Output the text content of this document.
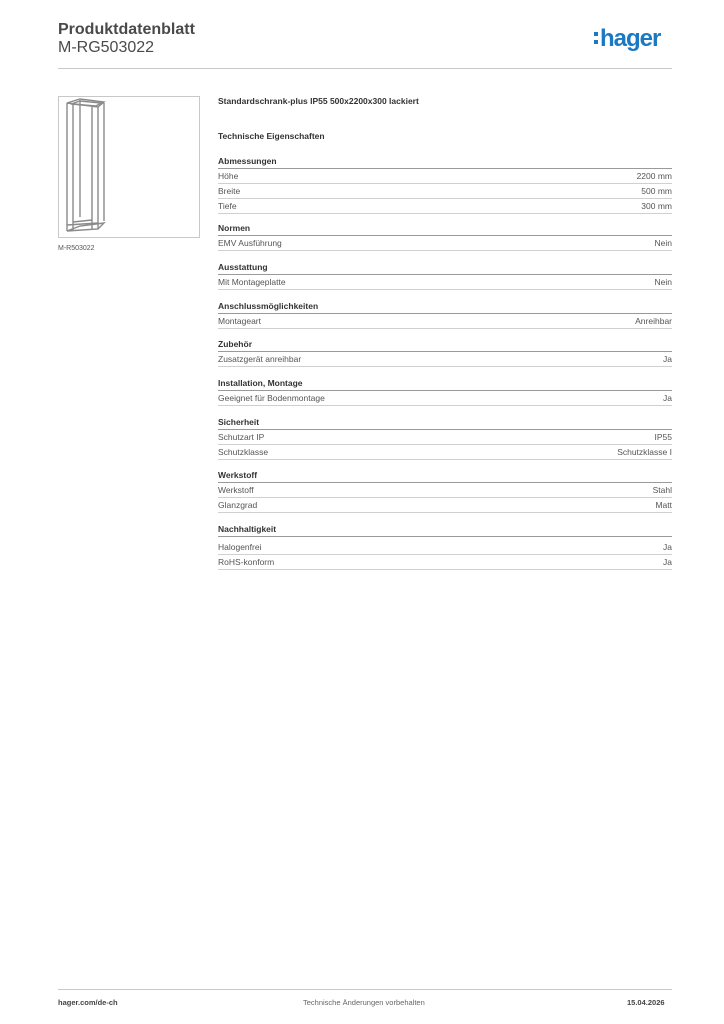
Produktdatenblatt
M-RG503022	hager
M-R503022
Standardschrank-plus IP55 500x2200x300 lackiert
Technische Eigenschaften
Abmessungen
Höhe	2200 mm
Breite	500 mm
Tiefe	300 mm
Normen
EMV Ausführung	Nein
Ausstattung
Mit Montageplatte	Nein
Anschlussmöglichkeiten
Montageart	Anreihbar
Zubehör
Zusatzgerät anreihbar	Ja
Installation, Montage
Geeignet für Bodenmontage	Ja
Sicherheit
Schutzart IP	IP55
Schutzklasse	Schutzklasse I
Werkstoff
Werkstoff	Stahl
Glanzgrad	Matt
Nachhaltigkeit
Halogenfrei	Ja
RoHS-konform	Ja
hager.com/de-ch	Technische Änderungen vorbehalten	15.04.2026
